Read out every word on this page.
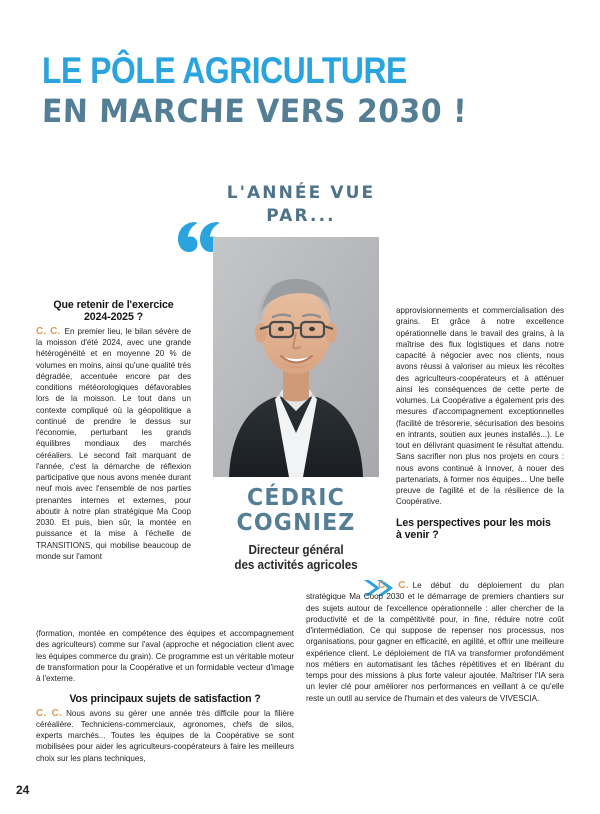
LE PÔLE AGRICULTURE
EN MARCHE VERS 2030 !
L'ANNÉE VUE PAR...
CÉDRIC
COGNIEZ
Directeur général
des activités agricoles
Que retenir de l'exercice
2024-2025 ?

C. C. En premier lieu, le bilan sévère de la moisson d'été 2024, avec une grande hétérogénéité et en moyenne 20 % de volumes en moins, ainsi qu'une qualité très dégradée, accentuée encore par des conditions météorologiques défavorables lors de la moisson. Le tout dans un contexte compliqué où la géopolitique a continué de prendre le dessus sur l'économie, perturbant les grands équilibres mondiaux des marchés céréaliers. Le second fait marquant de l'année, c'est la démarche de réflexion participative que nous avons menée durant neuf mois avec l'ensemble de nos parties prenantes internes et externes, pour aboutir à notre plan stratégique Ma Coop 2030. Et puis, bien sûr, la montée en puissance et la mise à l'échelle de TRANSITIONS, qui mobilise beaucoup de monde sur l'amont

approvisionnements et commercialisation des grains. Et grâce à notre excellence opérationnelle dans le travail des grains, à la maîtrise des flux logistiques et dans notre capacité à négocier avec nos clients, nous avons réussi à valoriser au mieux les récoltes des agriculteurs-coopérateurs et à atténuer ainsi les conséquences de cette perte de volumes. La Coopérative a également pris des mesures d'accompagnement exceptionnelles (facilité de trésorerie, sécurisation des besoins en intrants, soutien aux jeunes installés...). Le tout en délivrant quasiment le résultat attendu. Sans sacrifier non plus nos projets en cours : nous avons continué à innover, à nouer des partenariats, à former nos équipes... Une belle preuve de l'agilité et de la résilience de la Coopérative.

Les perspectives pour les mois
à venir ?

C. C. Le début du déploiement du plan stratégique Ma Coop 2030 et le démarrage de premiers chantiers sur des sujets autour de l'excellence opérationnelle : aller chercher de la productivité et de la compétitivité pour, in fine, réduire notre coût d'intermédiation. Ce qui suppose de repenser nos processus, nos organisations, pour gagner en efficacité, en agilité, et offrir une meilleure expérience client. Le déploiement de l'IA va transformer profondément nos métiers en automatisant les tâches répétitives et en libérant du temps pour des missions à plus forte valeur ajoutée. Maîtriser l'IA sera un levier clé pour améliorer nos performances en veillant à ce qu'elle reste un outil au service de l'humain et des valeurs de VIVESCIA.

(formation, montée en compétence des équipes et accompagnement des agriculteurs) comme sur l'aval (approche et négociation client avec les équipes commerce du grain). Ce programme est un véritable moteur de transformation pour la Coopérative et un formidable vecteur d'image à l'externe.

Vos principaux sujets de satisfaction ?

C. C. Nous avons su gérer une année très difficile pour la filière céréalière. Techniciens-commerciaux, agronomes, chefs de silos, experts marchés... Toutes les équipes de la Coopérative se sont mobilisées pour aider les agriculteurs-coopérateurs à faire les meilleurs choix sur les plans techniques,

24
